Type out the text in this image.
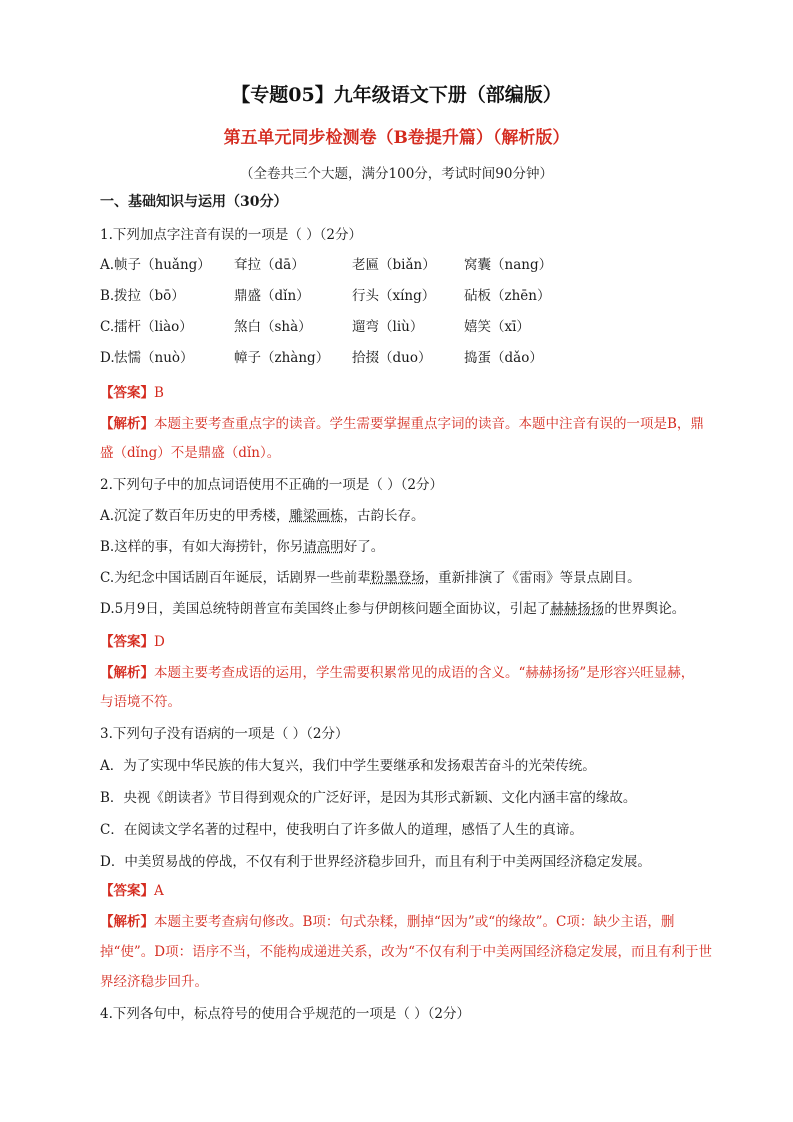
【专题05】九年级语文下册（部编版）
第五单元同步检测卷（B卷提升篇）（解析版）
（全卷共三个大题，满分100分，考试时间90分钟）
一、基础知识与运用（30分）
1.下列加点字注音有误的一项是（ ）（2分）
A. 帧子（huǎng） 耷拉（dā）	老匾（biǎn） 窝囊（nang）
B. 拨拉（bō）	鼎盛（dǐn）	行头（xíng） 砧板（zhēn）
C. 擂杆（liào）	煞白（shà）	遛弯（liù）	嬉笑（xī）
D. 怯懦（nuò）	幛子（zhàng） 拾掇（duo） 捣蛋（dǎo）
【答案】B
【解析】本题主要考查重点字的读音。学生需要掌握重点字词的读音。本题中注音有误的一项是B，鼎
盛（dǐng）不是鼎盛（dǐn）。
2.下列句子中的加点词语使用不正确的一项是（ ）（2分）
A.沉淀了数百年历史的甲秀楼，雕梁画栋，古韵长存。
B.这样的事，有如大海捞针，你另请高明好了。
C.为纪念中国话剧百年诞辰，话剧界一些前辈粉墨登场，重新排演了《雷雨》等景点剧目。
D.5月9日，美国总统特朗普宣布美国终止参与伊朗核问题全面协议，引起了赫赫扬扬的世界舆论。
【答案】D
【解析】本题主要考查成语的运用，学生需要积累常见的成语的含义。“赫赫扬扬”是形容兴旺显赫，
与语境不符。
3.下列句子没有语病的一项是（ ）（2分）
A．为了实现中华民族的伟大复兴，我们中学生要继承和发扬艰苦奋斗的光荣传统。
B．央视《朗读者》节目得到观众的广泛好评，是因为其形式新颖、文化内涵丰富的缘故。
C．在阅读文学名著的过程中，使我明白了许多做人的道理，感悟了人生的真谛。
D．中美贸易战的停战，不仅有利于世界经济稳步回升，而且有利于中美两国经济稳定发展。
【答案】A
【解析】本题主要考查病句修改。B项：句式杂糅，删掉“因为”或“的缘故”。C项：缺少主语，删
掉“使”。D项：语序不当，不能构成递进关系，改为“不仅有利于中美两国经济稳定发展，而且有利于世
界经济稳步回升。
4.下列各句中，标点符号的使用合乎规范的一项是（ ）（2分）
